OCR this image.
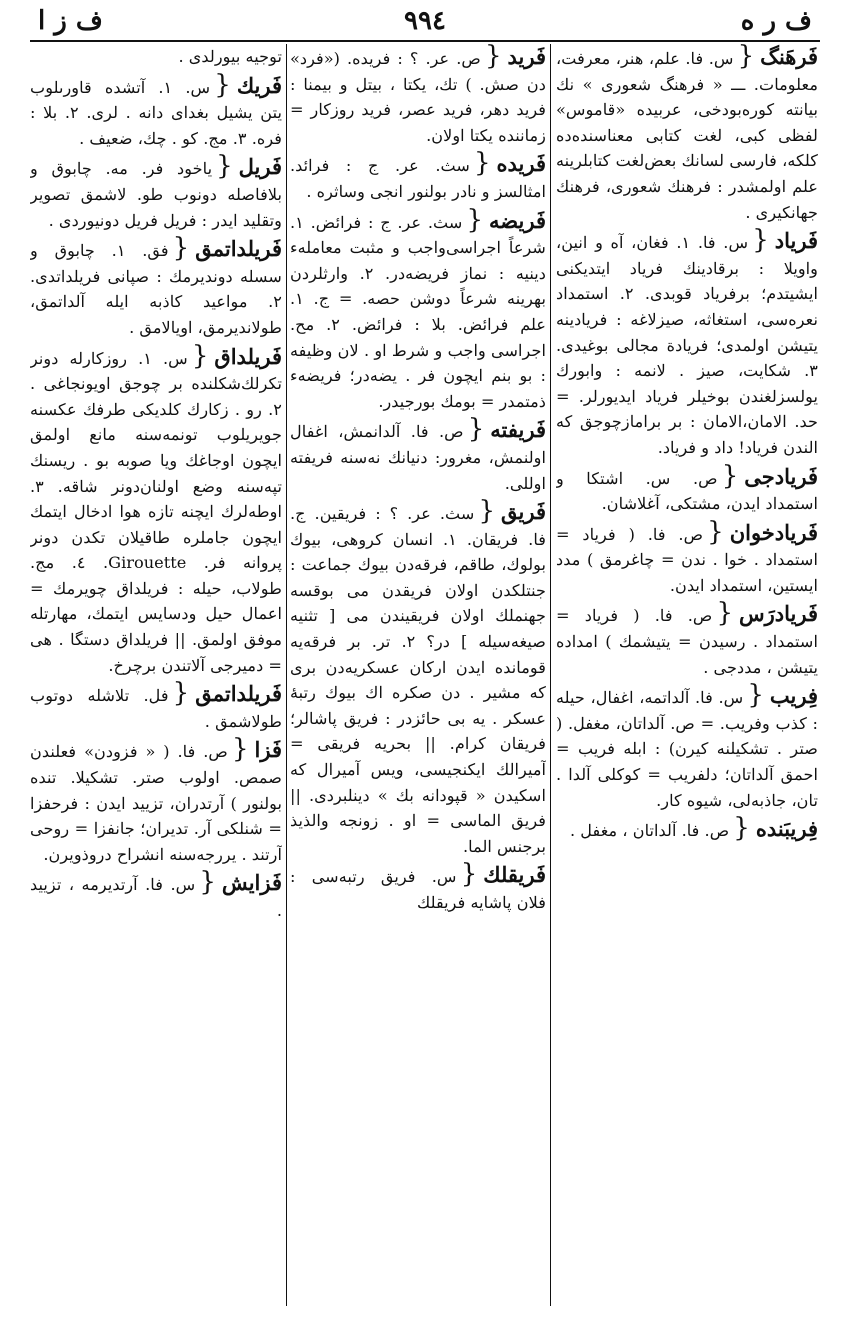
ف ر ه
٩٩٤
ف ز ا
فَرهَنگ{س. فا. علم، هنر، معرفت، معلومات. ـــ « فرهنگ شعوری » نك بيانته كوره‌بودخى، عربيده «قاموس» لفظى كبى، لغت كتابى معناسنده‌ده كلكه‌، فارسى لسانك بعض‌لغت كتابلرينه علم اولمشدر : فرهنك شعورى، فرهنك جهانكيرى .
فَرياد{س. فا. ١. فغان، آه و انين، واويلا : برقادينك فرياد ايتديكنى ايشيتدم؛ برفرياد قوبدى. ٢. استمداد نعره‌سى، استغاثه، صيزلاغه : فريادينه يتيشن اولمدى؛ فريادة مجالى بوغيدى. ٣. شكايت، صيز . لانمه : وابورك يولسزلغندن بوخيلر فرياد ايديورلر. = حد. الامان،الامان : بر برامازچوجق كه الندن فرياد! داد و فرياد.
فَريادجى{ص. س. اشتكا و استمداد ايدن، مشتكى، آغلاشان.
فَريادخوان{ص. فا. ( فرياد = استمداد . خوا . ندن = چاغرمق ) مدد ايستين، استمداد ايدن.
فَريادرَس{ص. فا. ( فرياد = استمداد . رسيدن = يتيشمك ) امداده يتيشن ، مددجى .
فِريب{س. فا. آلداتمه، اغفال، حيله : كذب وفريب. = ص. آلداتان، مغفل. ( صتر . تشكيلنه كيرن) : ابله فريب = احمق آلداتان؛ دلفريب = كوكلى آلدا . تان، جاذبه‌لى، شيوه كار.
فِريبَنده{ص. فا. آلداتان ، مغفل .
فَريد{ص. عر. ؟ : فريده. («فرد» دن صش. ) تك، يكتا ، بيتل و بيمنا : فريد دهر، فريد عصر، فريد روزكار = زماننده يكتا اولان.
فَريده{سث. عر. ج : فرائد. امثالسز و نادر بولنور انجى وساثره .
فَريضه{سث. عر. ج : فرائض. ١. شرعاً اجراسى‌واجب و مثبت معامله‌ء دينيه : نماز فريضه‌در. ٢. وارثلردن بهرينه شرعاً دوشن حصه. = ج. ١. علم فرائض. بلا : فرائض. ٢. مح. اجراسى واجب و شرط او . لان وظيفه : بو بنم ايچون فر . يضه‌در؛ فريضهء ذمتمدر = بومك بورجيدر.
فَريفته{ص. فا. آلدانمش، اغفال اولنمش، مغرور: دنيانك نه‌سنه فريفته اوللى.
فَريق{سث. عر. ؟ : فريقين. ج. فا. فريقان. ١. انسان كروهى، بيوك بولوك، طاقم، فرقه‌دن بيوك جماعت : جنتلكدن اولان فريقدن مى بوقسه جهنملك اولان فريقيندن مى [ تثنيه صيغه‌سيله ] در؟ ٢. تر. بر فرقه‌يه قومانده ايدن اركان عسكريه‌دن برى كه مشير . دن صكره اك بيوك رتبهٔ عسكر . يه بى حائزدر : فريق پاشالر؛ فريقان كرام. || بحريه فريقى = آميرالك ايكنجيسى، ويس آميرال كه اسكيدن « قپودانه بك » دينلبردى. || فريق الماسى = او . زونجه والذيذ برجنس الما.
فَريقلك{س. فريق رتبه‌سى : فلان پاشايه فريقلك
توجيه بيورلدى .
فَريك{س. ١. آتشده قاورىلوب يتن يشيل بغداى دانه . لرى. ٢. بلا : فره. ٣. مج. كو . چك، ضعيف .
فَريل{ياخود فر. مه. چابوق و بلافاصله دونوب طو. لاشمق تصوير وتقليد ايدر : فريل فريل دونيوردى .
فَريلداتمق{فق. ١. چابوق و سسله دونديرمك : صپانى فريلداتدى. ٢. مواعيد كاذبه ايله آلداتمق، طولانديرمق، اويالامق .
فَريلداق{س. ١. روزكارله دونر تكرلك‌شكلنده بر چوجق اويونجاغى . ٢. رو . زكارك كلديكى طرفك عكسنه جويريلوب تونمه‌سنه مانع اولمق ايچون اوجاغك ويا صوبه بو . ريسنك تپه‌سنه وضع اولنان‌دونر شاقه. ٣. اوطه‌لرك ايچنه تازه هوا ادخال ايتمك ايچون جاملره طاقيلان تكدن دونر پروانه فر. Girouette. ٤. مج. طولاب، حيله : فريلداق چويرمك = اعمال حيل ودسايس ايتمك، مهارتله موفق اولمق. || فريلداق دستگا . هى = دميرجى آلاتندن برچرخ.
فَريلداتمق{فل. تلاشله دوتوب طولاشمق .
فَزا{ص. فا. ( « فزودن» فعلندن صمص. اولوب صتر. تشكيلا. تنده بولنور ) آرتدران، تزييد ايدن : فرحفزا = شنلكى آر. تديران؛ جانفزا = روحى آرتند . يررجه‌سنه انشراح دروذويرن.
فَزايش{س. فا. آرتديرمه ، تزييد .
